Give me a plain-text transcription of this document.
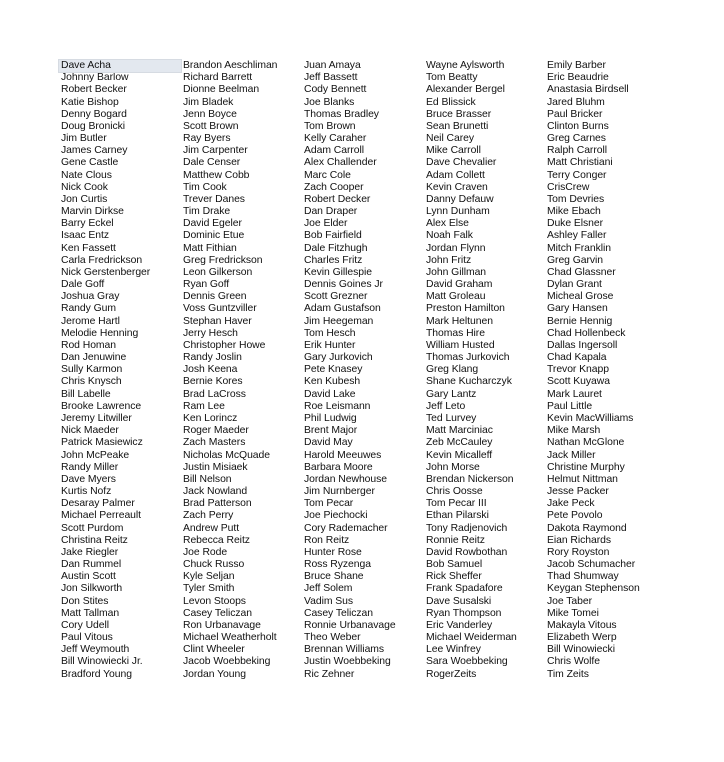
Dave Acha
Johnny Barlow
Robert Becker
Katie Bishop
Denny Bogard
Doug Bronicki
Jim Butler
James Carney
Gene Castle
Nate Clous
Nick Cook
Jon Curtis
Marvin Dirkse
Barry Eckel
Isaac Entz
Ken Fassett
Carla Fredrickson
Nick Gerstenberger
Dale Goff
Joshua Gray
Randy Gum
Jerome Hartl
Melodie Henning
Rod Homan
Dan Jenuwine
Sully Karmon
Chris Knysch
Bill Labelle
Brooke Lawrence
Jeremy Litwiller
Nick Maeder
Patrick Masiewicz
John McPeake
Randy Miller
Dave Myers
Kurtis Nofz
Desaray Palmer
Michael Perreault
Scott Purdom
Christina Reitz
Jake Riegler
Dan Rummel
Austin Scott
Jon Silkworth
Don Stites
Matt Tallman
Cory Udell
Paul Vitous
Jeff Weymouth
Bill Winowiecki Jr.
Bradford Young
Brandon Aeschliman
Richard Barrett
Dionne Beelman
Jim Bladek
Jenn Boyce
Scott Brown
Ray Byers
Jim Carpenter
Dale Censer
Matthew Cobb
Tim Cook
Trever Danes
Tim Drake
David Egeler
Dominic Etue
Matt Fithian
Greg Fredrickson
Leon Gilkerson
Ryan Goff
Dennis Green
Voss Guntzviller
Stephan Haver
Jerry Hesch
Christopher Howe
Randy Joslin
Josh Keena
Bernie Kores
Brad LaCross
Ram Lee
Ken Lorincz
Roger Maeder
Zach Masters
Nicholas McQuade
Justin Misiaek
Bill Nelson
Jack Nowland
Brad Patterson
Zach Perry
Andrew Putt
Rebecca Reitz
Joe Rode
Chuck Russo
Kyle Seljan
Tyler Smith
Levon Stoops
Casey Teliczan
Ron Urbanavage
Michael Weatherholt
Clint Wheeler
Jacob Woebbeking
Jordan Young
Juan Amaya
Jeff Bassett
Cody Bennett
Joe Blanks
Thomas Bradley
Tom Brown
Kelly Caraher
Adam Carroll
Alex Challender
Marc Cole
Zach Cooper
Robert Decker
Dan Draper
Joe Elder
Bob Fairfield
Dale Fitzhugh
Charles Fritz
Kevin Gillespie
Dennis Goines Jr
Scott Grezner
Adam Gustafson
Jim Heegeman
Tom Hesch
Erik Hunter
Gary Jurkovich
Pete Knasey
Ken Kubesh
David Lake
Roe Leismann
Phil Ludwig
Brent Major
David May
Harold Meeuwes
Barbara Moore
Jordan Newhouse
Jim Nurnberger
Tom Pecar
Joe Piechocki
Cory Rademacher
Ron Reitz
Hunter Rose
Ross Ryzenga
Bruce Shane
Jeff Solem
Vadim Sus
Casey Teliczan
Ronnie Urbanavage
Theo Weber
Brennan Williams
Justin Woebbeking
Ric Zehner
Wayne Aylsworth
Tom Beatty
Alexander Bergel
Ed Blissick
Bruce Brasser
Sean Brunetti
Neil Carey
Mike Carroll
Dave Chevalier
Adam Collett
Kevin Craven
Danny Defauw
Lynn Dunham
Alex Else
Noah Falk
Jordan Flynn
John Fritz
John Gillman
David Graham
Matt Groleau
Preston Hamilton
Mark Heltunen
Thomas Hire
William Husted
Thomas Jurkovich
Greg Klang
Shane Kucharczyk
Gary Lantz
Jeff Leto
Ted Lurvey
Matt Marciniac
Zeb McCauley
Kevin Micalleff
John Morse
Brendan Nickerson
Chris Oosse
Tom Pecar III
Ethan Pilarski
Tony Radjenovich
Ronnie Reitz
David Rowbothan
Bob Samuel
Rick Sheffer
Frank Spadafore
Dave Susalski
Ryan Thompson
Eric Vanderley
Michael Weiderman
Lee Winfrey
Sara Woebbeking
RogerZeits
Emily Barber
Eric Beaudrie
Anastasia Birdsell
Jared Bluhm
Paul Bricker
Clinton Burns
Greg Carnes
Ralph Carroll
Matt Christiani
Terry Conger
CrisCrew
Tom Devries
Mike Ebach
Duke Elsner
Ashley Faller
Mitch Franklin
Greg Garvin
Chad Glassner
Dylan Grant
Micheal Grose
Gary Hansen
Bernie Hennig
Chad Hollenbeck
Dallas Ingersoll
Chad Kapala
Trevor Knapp
Scott Kuyawa
Mark Lauret
Paul Little
Kevin MacWilliams
Mike Marsh
Nathan McGlone
Jack Miller
Christine Murphy
Helmut Nittman
Jesse Packer
Jake Peck
Pete Povolo
Dakota Raymond
Eian Richards
Rory Royston
Jacob Schumacher
Thad Shumway
Keygan Stephenson
Joe Taber
Mike Tomei
Makayla Vitous
Elizabeth Werp
Bill Winowiecki
Chris Wolfe
Tim Zeits
